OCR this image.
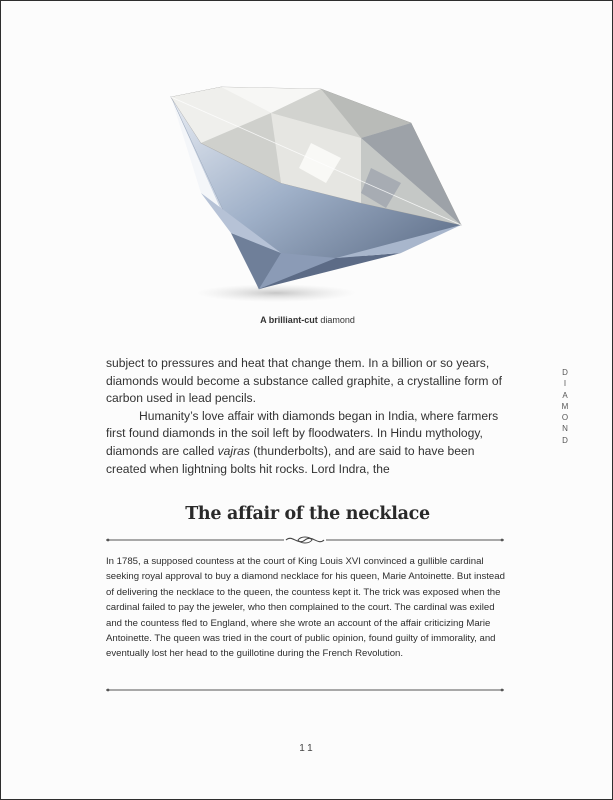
A brilliant-cut diamond

subject to pressures and heat that change them. In a billion or so years, diamonds would become a substance called graphite, a crystalline form of carbon used in lead pencils.

Humanity’s love affair with diamonds began in India, where farmers first found diamonds in the soil left by floodwaters. In Hindu mythology, diamonds are called vajras (thunderbolts), and are said to have been created when lightning bolts hit rocks. Lord Indra, the

D
I
A
M
O
N
D
The affair of the necklace
In 1785, a supposed countess at the court of King Louis XVI convinced a gullible cardinal seeking royal approval to buy a diamond necklace for his queen, Marie Antoinette. But instead of delivering the necklace to the queen, the countess kept it. The trick was exposed when the cardinal failed to pay the jeweler, who then complained to the court. The cardinal was exiled and the countess fled to England, where she wrote an account of the affair criticizing Marie Antoinette. The queen was tried in the court of public opinion, found guilty of immorality, and eventually lost her head to the guillotine during the French Revolution.
11
